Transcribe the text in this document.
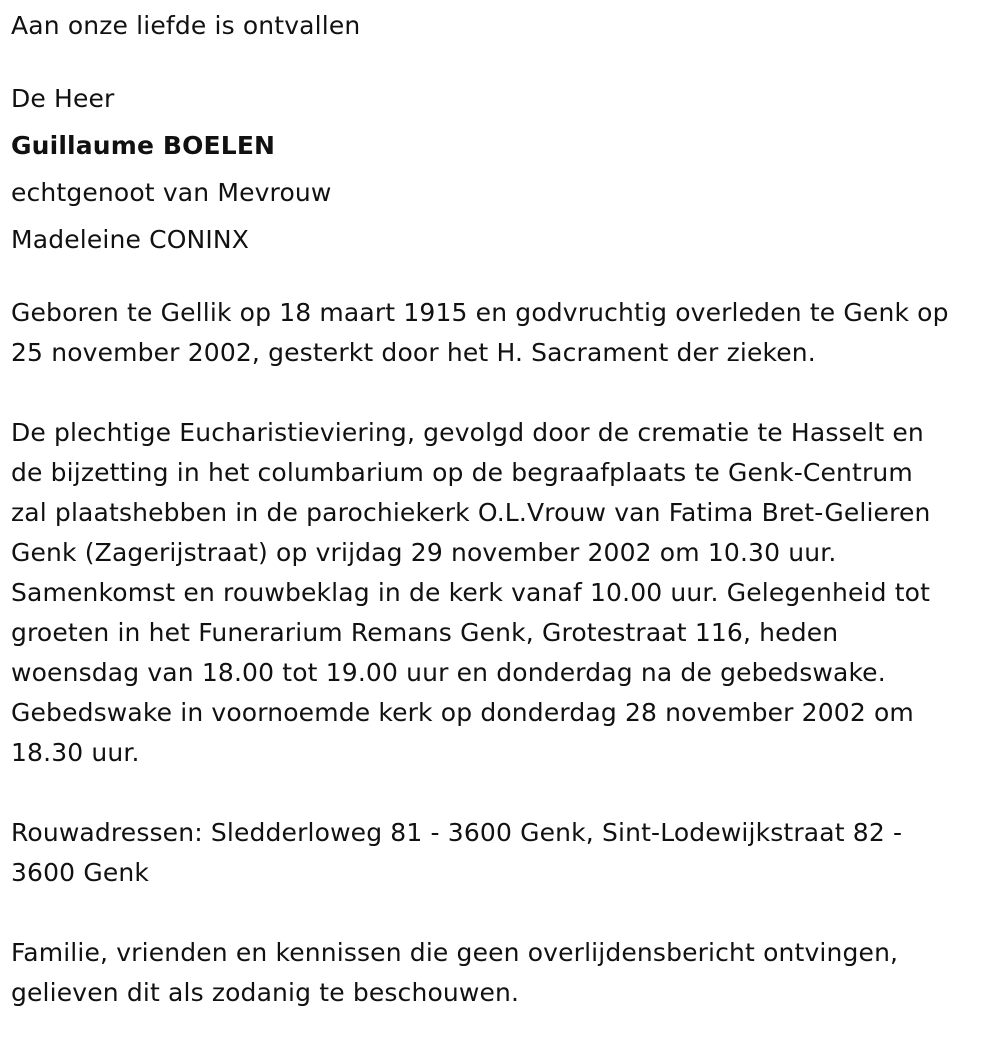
Aan onze liefde is ontvallen

De Heer

Guillaume BOELEN

echtgenoot van Mevrouw

Madeleine CONINX

Geboren te Gellik op 18 maart 1915 en godvruchtig overleden te Genk op
25 november 2002, gesterkt door het H. Sacrament der zieken.
De plechtige Eucharistieviering, gevolgd door de crematie te Hasselt en
de bijzetting in het columbarium op de begraafplaats te Genk-Centrum
zal plaatshebben in de parochiekerk O.L.Vrouw van Fatima Bret-Gelieren
Genk (Zagerijstraat) op vrijdag 29 november 2002 om 10.30 uur.
Samenkomst en rouwbeklag in de kerk vanaf 10.00 uur. Gelegenheid tot
groeten in het Funerarium Remans Genk, Grotestraat 116, heden
woensdag van 18.00 tot 19.00 uur en donderdag na de gebedswake.
Gebedswake in voornoemde kerk op donderdag 28 november 2002 om
18.30 uur.
Rouwadressen: Sledderloweg 81 - 3600 Genk, Sint-Lodewijkstraat 82 -
3600 Genk
Familie, vrienden en kennissen die geen overlijdensbericht ontvingen,
gelieven dit als zodanig te beschouwen.
